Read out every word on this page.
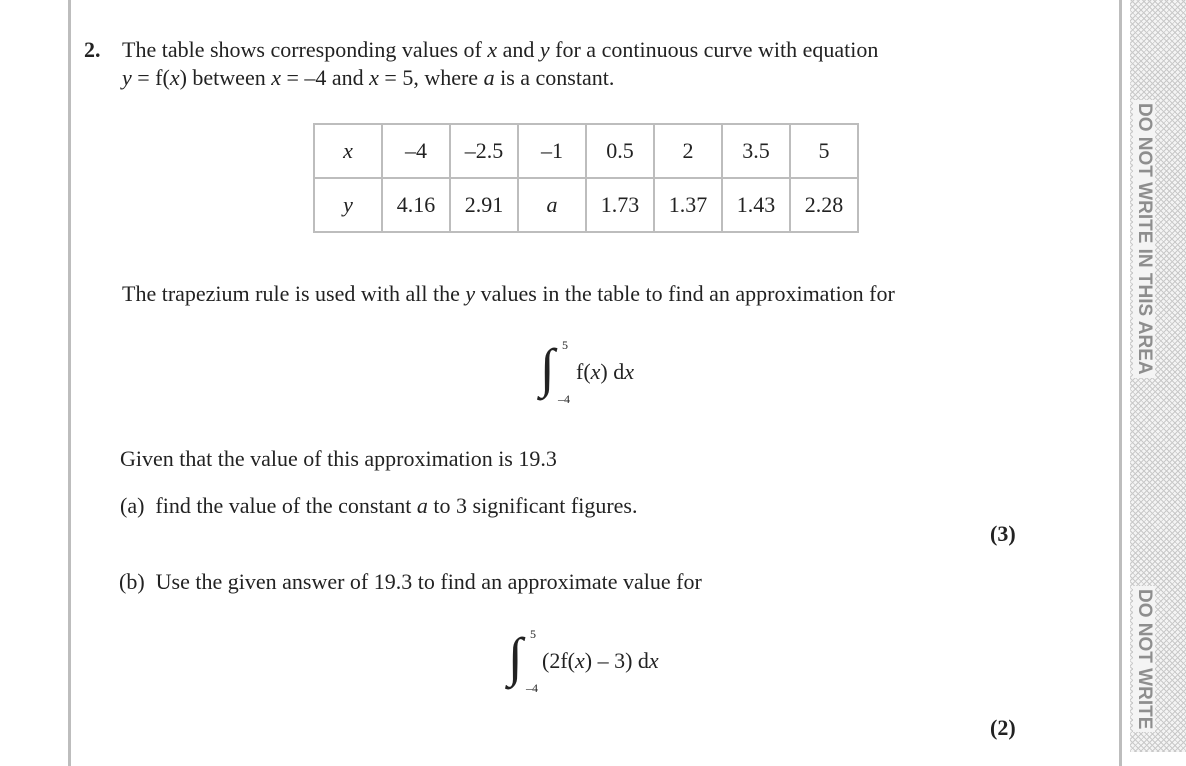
2. The table shows corresponding values of x and y for a continuous curve with equation
y = f(x) between x = –4 and x = 5, where a is a constant.
x	–4	–2.5	–1	0.5	2	3.5	5
y	4.16	2.91	a	1.73	1.37	1.43	2.28
The trapezium rule is used with all the y values in the table to find an approximation for
∫ 5
–4
f(x) dx
Given that the value of this approximation is 19.3
(a) find the value of the constant a to 3 significant figures.
(3)
(b) Use the given answer of 19.3 to find an approximate value for
∫ 5
–4
(2f(x) – 3) dx
(2)
DO NOT WRITE IN THIS AREA
DO NOT WRITE
